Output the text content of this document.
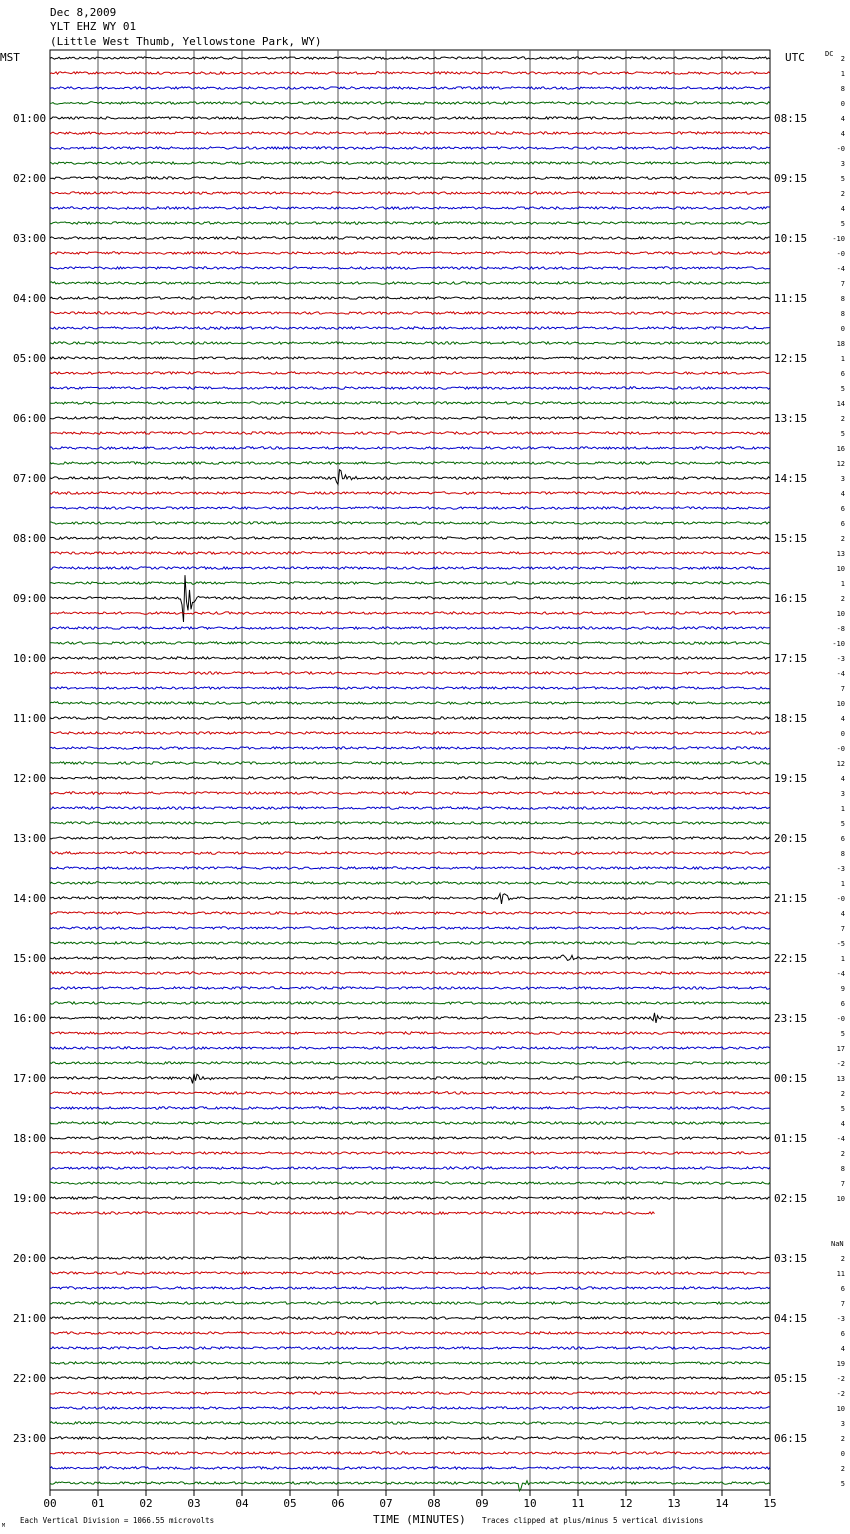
Dec 8,2009
YLT EHZ WY 01
(Little West Thumb, Yellowstone Park, WY)
MST	UTC	DC
NaN
01:00
02:00
03:00
04:00
05:00
06:00
07:00
08:00
09:00
10:00
11:00
12:00
13:00
14:00
15:00
16:00
17:00
18:00
19:00
20:00
21:00
22:00
23:00
08:15
09:15
10:15
11:15
12:15
13:15
14:15
15:15
16:15
17:15
18:15
19:15
20:15
21:15
22:15
23:15
00:15
01:15
02:15
03:15
04:15
05:15
06:15
2
1
8
0
4
4
-0
3
5
2
4
5
-10
-0
-4
7
8
8
0
18
1
6
5
14
2
5
16
12
3
4
6
6
2
13
10
1
2
10
-8
-10
-3
-4
7
10
4
0
-0
12
4
3
1
5
6
8
-3
1
-0
4
7
-5
1
-4
9
6
-0
5
17
-2
13
2
5
4
-4
2
8
7
10
2
11
6
7
-3
6
4
19
-2
-2
10
3
2
0
2
5
00	01	02	03	04	05	06	07	08	09	10	11	12	13	14	15
TIME (MINUTES)
Each Vertical Division = 1066.55 microvolts	Traces clipped at plus/minus 5 vertical divisions
M
